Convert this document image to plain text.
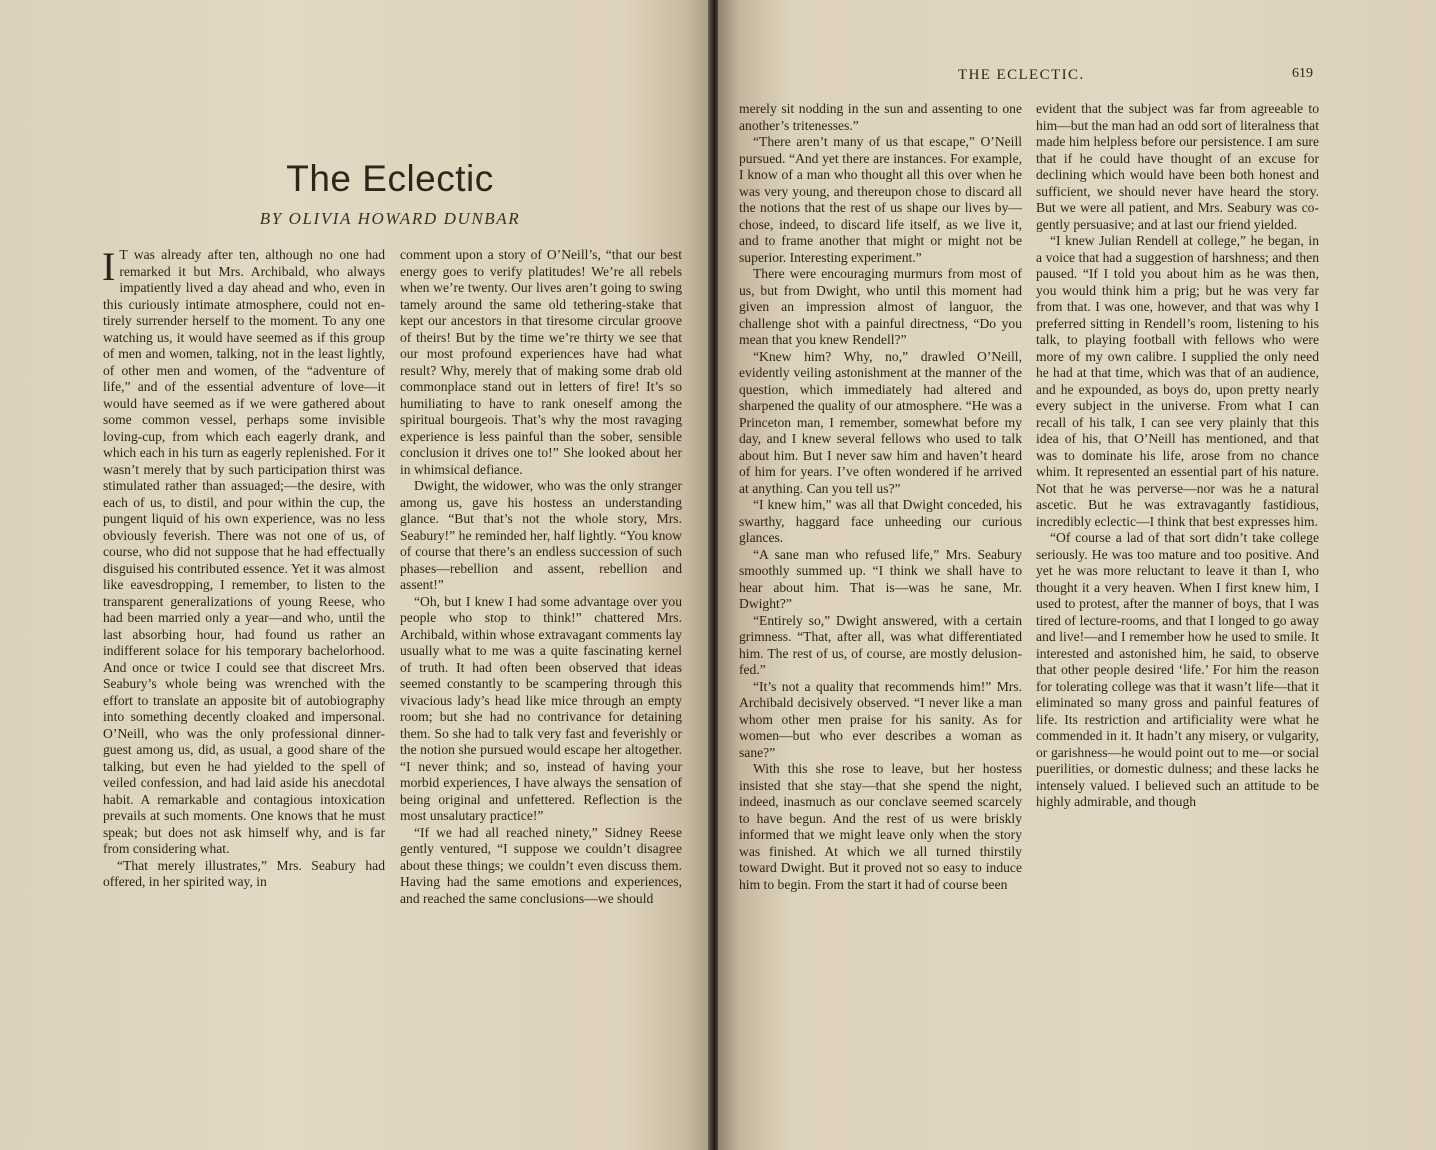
The Eclectic
BY OLIVIA HOWARD DUNBAR

I T was already after ten, although no one had remarked it but Mrs. Archibald, who always impatiently lived a day ahead and who, even in this curiously intimate atmosphere, could not entirely surrender herself to the moment. To any one watching us, it would have seemed as if this group of men and women, talking, not in the least lightly, of other men and women, of the “adventure of life,” and of the essential adventure of love—it would have seemed as if we were gathered about some common vessel, perhaps some invisible loving-cup, from which each eagerly drank, and which each in his turn as eagerly replenished. For it wasn’t merely that by such participation thirst was stimulated rather than assuaged;—the desire, with each of us, to distil, and pour within the cup, the pungent liquid of his own experience, was no less obviously feverish. There was not one of us, of course, who did not suppose that he had effectually disguised his contributed essence. Yet it was almost like eavesdropping, I remember, to listen to the transparent generalizations of young Reese, who had been married only a year—and who, until the last absorbing hour, had found us rather an indifferent solace for his temporary bachelorhood. And once or twice I could see that discreet Mrs. Seabury’s whole being was wrenched with the effort to translate an apposite bit of autobiography into something decently cloaked and impersonal. O’Neill, who was the only professional dinner-guest among us, did, as usual, a good share of the talking, but even he had yielded to the spell of veiled confession, and had laid aside his anecdotal habit. A remarkable and contagious intoxication prevails at such moments. One knows that he must speak; but does not ask himself why, and is far from considering what.

“That merely illustrates,” Mrs. Seabury had offered, in her spirited way, in

comment upon a story of O’Neill’s, “that our best energy goes to verify platitudes! We’re all rebels when we’re twenty. Our lives aren’t going to swing tamely around the same old tethering-stake that kept our ancestors in that tiresome circular groove of theirs! But by the time we’re thirty we see that our most profound experiences have had what result? Why, merely that of making some drab old commonplace stand out in letters of fire! It’s so humiliating to have to rank oneself among the spiritual bourgeois. That’s why the most ravaging experience is less painful than the sober, sensible conclusion it drives one to!” She looked about her in whimsical defiance.

Dwight, the widower, who was the only stranger among us, gave his hostess an understanding glance. “But that’s not the whole story, Mrs. Seabury!” he reminded her, half lightly. “You know of course that there’s an endless succession of such phases—rebellion and assent, rebellion and assent!”

“Oh, but I knew I had some advantage over you people who stop to think!” chattered Mrs. Archibald, within whose extravagant comments lay usually what to me was a quite fascinating kernel of truth. It had often been observed that ideas seemed constantly to be scampering through this vivacious lady’s head like mice through an empty room; but she had no contrivance for detaining them. So she had to talk very fast and feverishly or the notion she pursued would escape her altogether. “I never think; and so, instead of having your morbid experiences, I have always the sensation of being original and unfettered. Reflection is the most unsalutary practice!”

“If we had all reached ninety,” Sidney Reese gently ventured, “I suppose we couldn’t disagree about these things; we couldn’t even discuss them. Having had the same emotions and experiences, and reached the same conclusions—we should

THE ECLECTIC.	619

merely sit nodding in the sun and assenting to one another’s tritenesses.”

“There aren’t many of us that escape,” O’Neill pursued. “And yet there are instances. For example, I know of a man who thought all this over when he was very young, and thereupon chose to discard all the notions that the rest of us shape our lives by—chose, indeed, to discard life itself, as we live it, and to frame another that might or might not be superior. Interesting experiment.”

There were encouraging murmurs from most of us, but from Dwight, who until this moment had given an impression almost of languor, the challenge shot with a painful directness, “Do you mean that you knew Rendell?”

“Knew him? Why, no,” drawled O’Neill, evidently veiling astonishment at the manner of the question, which immediately had altered and sharpened the quality of our atmosphere. “He was a Princeton man, I remember, somewhat before my day, and I knew several fellows who used to talk about him. But I never saw him and haven’t heard of him for years. I’ve often wondered if he arrived at anything. Can you tell us?”

“I knew him,” was all that Dwight conceded, his swarthy, haggard face unheeding our curious glances.

“A sane man who refused life,” Mrs. Seabury smoothly summed up. “I think we shall have to hear about him. That is—was he sane, Mr. Dwight?”

“Entirely so,” Dwight answered, with a certain grimness. “That, after all, was what differentiated him. The rest of us, of course, are mostly delusion-fed.”

“It’s not a quality that recommends him!” Mrs. Archibald decisively observed. “I never like a man whom other men praise for his sanity. As for women—but who ever describes a woman as sane?”

With this she rose to leave, but her hostess insisted that she stay—that she spend the night, indeed, inasmuch as our conclave seemed scarcely to have begun. And the rest of us were briskly informed that we might leave only when the story was finished. At which we all turned thirstily toward Dwight. But it proved not so easy to induce him to begin. From the start it had of course been

evident that the subject was far from agreeable to him—but the man had an odd sort of literalness that made him helpless before our persistence. I am sure that if he could have thought of an excuse for declining which would have been both honest and sufficient, we should never have heard the story. But we were all patient, and Mrs. Seabury was cogently persuasive; and at last our friend yielded.

“I knew Julian Rendell at college,” he began, in a voice that had a suggestion of harshness; and then paused. “If I told you about him as he was then, you would think him a prig; but he was very far from that. I was one, however, and that was why I preferred sitting in Rendell’s room, listening to his talk, to playing football with fellows who were more of my own calibre. I supplied the only need he had at that time, which was that of an audience, and he expounded, as boys do, upon pretty nearly every subject in the universe. From what I can recall of his talk, I can see very plainly that this idea of his, that O’Neill has mentioned, and that was to dominate his life, arose from no chance whim. It represented an essential part of his nature. Not that he was perverse—nor was he a natural ascetic. But he was extravagantly fastidious, incredibly eclectic—I think that best expresses him.

“Of course a lad of that sort didn’t take college seriously. He was too mature and too positive. And yet he was more reluctant to leave it than I, who thought it a very heaven. When I first knew him, I used to protest, after the manner of boys, that I was tired of lecture-rooms, and that I longed to go away and live!—and I remember how he used to smile. It interested and astonished him, he said, to observe that other people desired ‘life.’ For him the reason for tolerating college was that it wasn’t life—that it eliminated so many gross and painful features of life. Its restriction and artificiality were what he commended in it. It hadn’t any misery, or vulgarity, or garishness—he would point out to me—or social puerilities, or domestic dulness; and these lacks he intensely valued. I believed such an attitude to be highly admirable, and though
